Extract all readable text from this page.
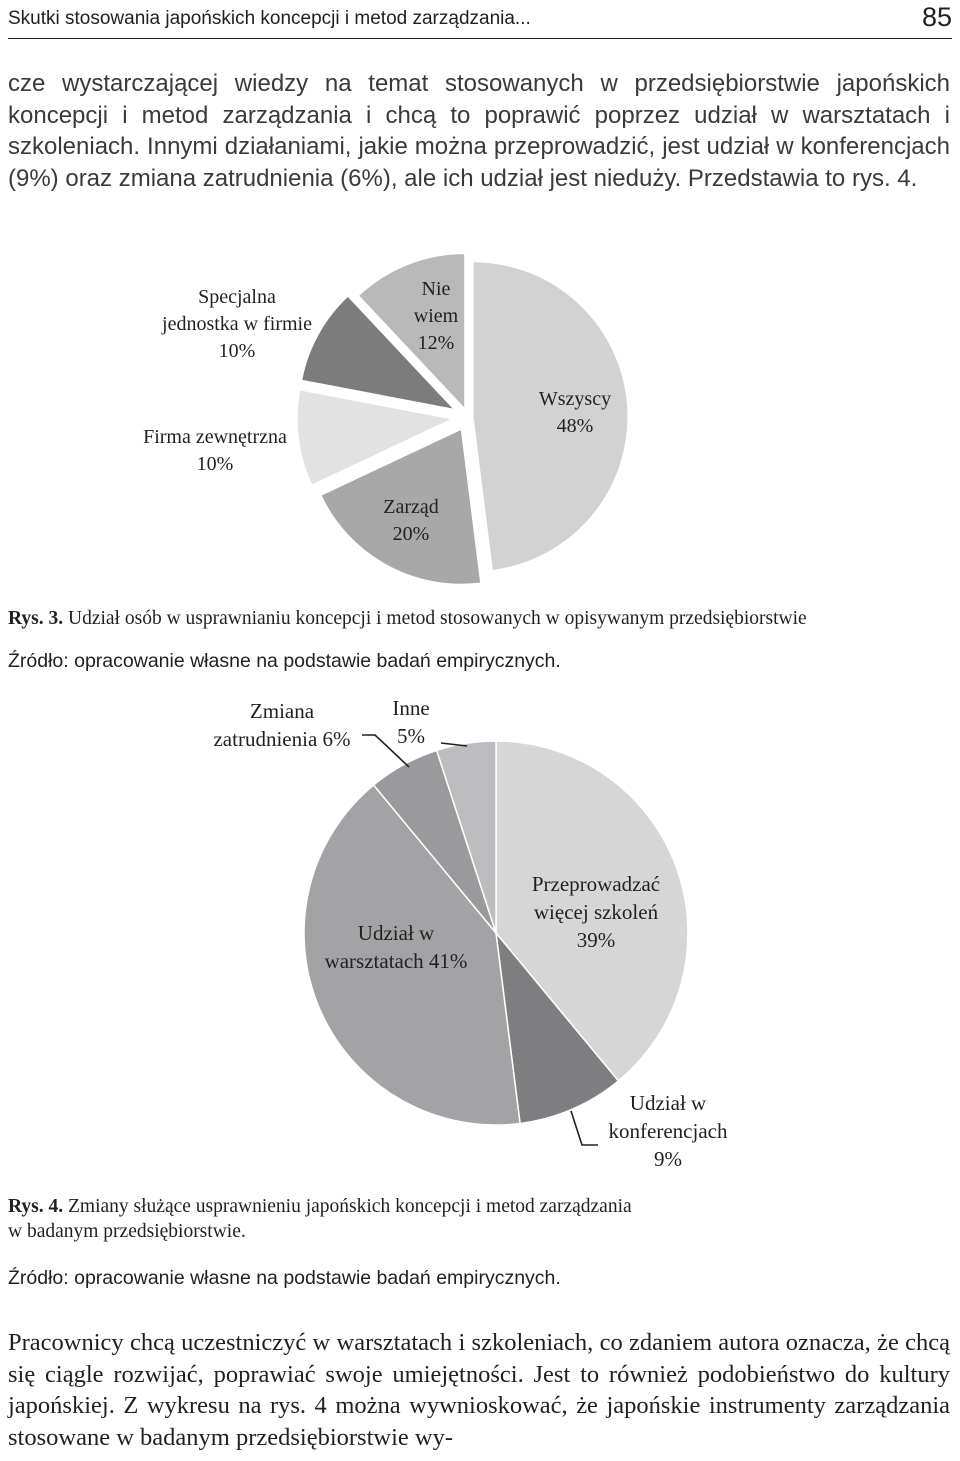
Skutki stosowania japońskich koncepcji i metod zarządzania...	85

cze wystarczającej wiedzy na temat stosowanych w przedsiębiorstwie japońskich koncepcji i metod zarządzania i chcą to poprawić poprzez udział w warsztatach i szkoleniach. Innymi działaniami, jakie można przeprowadzić, jest udział w konferencjach (9%) oraz zmiana zatrudnienia (6%), ale ich udział jest nieduży. Przedstawia to rys. 4.

Wszyscy 48%
Zarząd 20%
Firma zewnętrzna 10%
Specjalna jednostka w firmie 10%
Nie wiem 12%
Rys. 3. Udział osób w usprawnianiu koncepcji i metod stosowanych w opisywanym przedsiębiorstwie
Źródło: opracowanie własne na podstawie badań empirycznych.
Przeprowadzać więcej szkoleń 39%
Udział w konferencjach 9%
Udział w warsztatach 41%
Zmiana zatrudnienia 6%
Inne 5%
Rys. 4. Zmiany służące usprawnieniu japońskich koncepcji i metod zarządzania
w badanym przedsiębiorstwie.
Źródło: opracowanie własne na podstawie badań empirycznych.

Pracownicy chcą uczestniczyć w warsztatach i szkoleniach, co zdaniem autora oznacza, że chcą się ciągle rozwijać, poprawiać swoje umiejętności. Jest to również podobieństwo do kultury japońskiej. Z wykresu na rys. 4 można wywnioskować, że japońskie instrumenty zarządzania stosowane w badanym przedsiębiorstwie wy-
